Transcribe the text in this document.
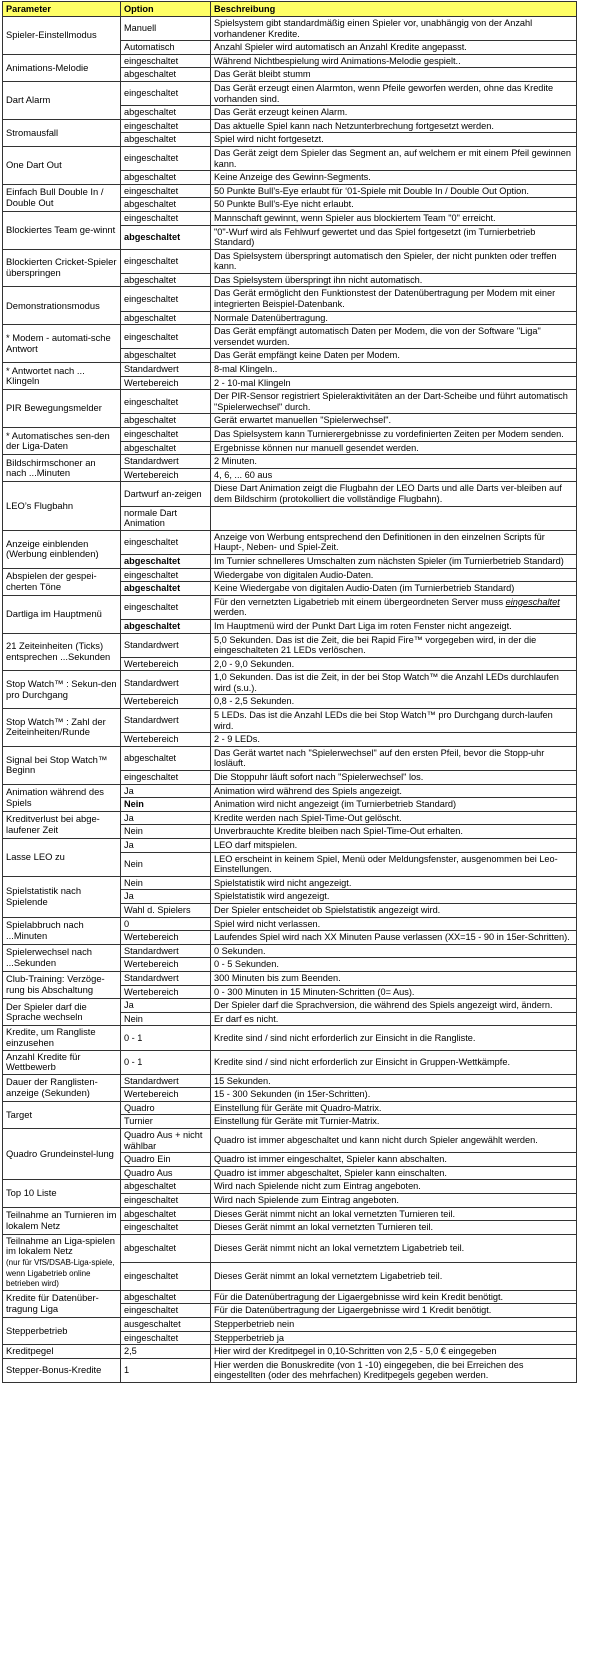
Parameter	Option	Beschreibung
Spieler-Einstellmodus	Manuell	Spielsystem gibt standardmäßig einen Spieler vor, unabhängig von der Anzahl vorhandener Kredite.
	Automatisch	Anzahl Spieler wird automatisch an Anzahl Kredite angepasst.
Animations-Melodie	eingeschaltet	Während Nichtbespielung wird Animations-Melodie gespielt..
	abgeschaltet	Das Gerät bleibt stumm
Dart Alarm	eingeschaltet	Das Gerät erzeugt einen Alarmton, wenn Pfeile geworfen werden, ohne das Kredite vorhanden sind.
	abgeschaltet	Das Gerät erzeugt keinen Alarm.
Stromausfall	eingeschaltet	Das aktuelle Spiel kann nach Netzunterbrechung fortgesetzt werden.
	abgeschaltet	Spiel wird nicht fortgesetzt.
One Dart Out	eingeschaltet	Das Gerät zeigt dem Spieler das Segment an, auf welchem er mit einem Pfeil gewinnen kann.
	abgeschaltet	Keine Anzeige des Gewinn-Segments.
Einfach Bull Double In / Double Out	eingeschaltet	50 Punkte Bull’s-Eye erlaubt für ‘01-Spiele mit Double In / Double Out Option.
	abgeschaltet	50 Punkte Bull’s-Eye nicht erlaubt.
Blockiertes Team ge-winnt	eingeschaltet	Mannschaft gewinnt, wenn Spieler aus blockiertem Team "0" erreicht.
	abgeschaltet	"0"-Wurf wird als Fehlwurf gewertet und das Spiel fortgesetzt (im Turnierbetrieb Standard)
Blockierten Cricket-Spieler überspringen	eingeschaltet	Das Spielsystem überspringt automatisch den Spieler, der nicht punkten oder treffen kann.
	abgeschaltet	Das Spielsystem überspringt ihn nicht automatisch.
Demonstrationsmodus	eingeschaltet	Das Gerät ermöglicht den Funktionstest der Datenübertragung per Modem mit einer integrierten Beispiel-Datenbank.
	abgeschaltet	Normale Datenübertragung.
* Modem - automati-sche Antwort	eingeschaltet	Das Gerät empfängt automatisch Daten per Modem, die von der Software "Liga" versendet wurden.
	abgeschaltet	Das Gerät empfängt keine Daten per Modem.
* Antwortet nach ... Klingeln	Standardwert	8-mal Klingeln..
	Wertebereich	2 - 10-mal Klingeln
PIR Bewegungsmelder	eingeschaltet	Der PIR-Sensor registriert Spieleraktivitäten an der Dart-Scheibe und führt automatisch "Spielerwechsel" durch.
	abgeschaltet	Gerät erwartet manuellen "Spielerwechsel".
* Automatisches sen-den der Liga-Daten	eingeschaltet	Das Spielsystem kann Turnierergebnisse zu vordefinierten Zeiten per Modem senden.
	abgeschaltet	Ergebnisse können nur manuell gesendet werden.
Bildschirmschoner an nach ...Minuten	Standardwert	2 Minuten.
	Wertebereich	4, 6, ... 60 aus
LEO’s Flugbahn	Dartwurf an-zeigen	Diese Dart Animation zeigt die Flugbahn der LEO Darts und alle Darts ver-bleiben auf dem Bildschirm (protokolliert die vollständige Flugbahn).
	normale Dart Animation	
Anzeige einblenden (Werbung einblenden)	eingeschaltet	Anzeige von Werbung entsprechend den Definitionen in den einzelnen Scripts für Haupt-, Neben- und Spiel-Zeit.
	abgeschaltet	Im Turnier schnelleres Umschalten zum nächsten Spieler (im Turnierbetrieb Standard)
Abspielen der gespei-cherten Töne	eingeschaltet	Wiedergabe von digitalen Audio-Daten.
	abgeschaltet	Keine Wiedergabe von digitalen Audio-Daten (im Turnierbetrieb Standard)
Dartliga im Hauptmenü	eingeschaltet	Für den vernetzten Ligabetrieb mit einem übergeordneten Server muss eingeschaltet werden.
	abgeschaltet	Im Hauptmenü wird der Punkt Dart Liga im roten Fenster nicht angezeigt.
21 Zeiteinheiten (Ticks) entsprechen ...Sekunden	Standardwert	5,0 Sekunden. Das ist die Zeit, die bei Rapid Fire™ vorgegeben wird, in der die eingeschalteten 21 LEDs verlöschen.
	Wertebereich	2,0 - 9,0 Sekunden.
Stop Watch™ : Sekun-den pro Durchgang	Standardwert	1,0 Sekunden. Das ist die Zeit, in der bei Stop Watch™ die Anzahl LEDs durchlaufen wird (s.u.).
	Wertebereich	0,8 - 2,5 Sekunden.
Stop Watch™ : Zahl der Zeiteinheiten/Runde	Standardwert	5 LEDs. Das ist die Anzahl LEDs die bei Stop Watch™ pro Durchgang durch-laufen wird.
	Wertebereich	2 - 9 LEDs.
Signal bei Stop Watch™ Beginn	abgeschaltet	Das Gerät wartet nach "Spielerwechsel" auf den ersten Pfeil, bevor die Stopp-uhr losläuft.
	eingeschaltet	Die Stoppuhr läuft sofort nach "Spielerwechsel" los.
Animation während des Spiels	Ja	Animation wird während des Spiels angezeigt.
	Nein	Animation wird nicht angezeigt (im Turnierbetrieb Standard)
Kreditverlust bei abge-laufener Zeit	Ja	Kredite werden nach Spiel-Time-Out gelöscht.
	Nein	Unverbrauchte Kredite bleiben nach Spiel-Time-Out erhalten.
Lasse LEO zu	Ja	LEO darf mitspielen.
	Nein	LEO erscheint in keinem Spiel, Menü oder Meldungsfenster, ausgenommen bei Leo-Einstellungen.
Spielstatistik nach Spielende	Nein	Spielstatistik wird nicht angezeigt.
	Ja	Spielstatistik wird angezeigt.
	Wahl d. Spielers	Der Spieler entscheidet ob Spielstatistik angezeigt wird.
Spielabbruch nach ...Minuten	0	Spiel wird nicht verlassen.
	Wertebereich	Laufendes Spiel wird nach XX Minuten Pause verlassen (XX=15 - 90 in 15er-Schritten).
Spielerwechsel nach ...Sekunden	Standardwert	0 Sekunden.
	Wertebereich	0 - 5 Sekunden.
Club-Training: Verzöge-rung bis Abschaltung	Standardwert	300 Minuten bis zum Beenden.
	Wertebereich	0 - 300 Minuten in 15 Minuten-Schritten (0= Aus).
Der Spieler darf die Sprache wechseln	Ja	Der Spieler darf die Sprachversion, die während des Spiels angezeigt wird, ändern.
	Nein	Er darf es nicht.
Kredite, um Rangliste einzusehen	0 - 1	Kredite sind / sind nicht erforderlich zur Einsicht in die Rangliste.
Anzahl Kredite für Wettbewerb	0 - 1	Kredite sind / sind nicht erforderlich zur Einsicht in Gruppen-Wettkämpfe.
Dauer der Ranglisten-anzeige (Sekunden)	Standardwert	15 Sekunden.
	Wertebereich	15 - 300 Sekunden (in 15er-Schritten).
Target	Quadro	Einstellung für Geräte mit Quadro-Matrix.
	Turnier	Einstellung für Geräte mit Turnier-Matrix.
Quadro Grundeinstel-lung	Quadro Aus + nicht wählbar	Quadro ist immer abgeschaltet und kann nicht durch Spieler angewählt werden.
	Quadro Ein	Quadro ist immer eingeschaltet, Spieler kann abschalten.
	Quadro Aus	Quadro ist immer abgeschaltet, Spieler kann einschalten.
Top 10 Liste	abgeschaltet	Wird nach Spielende nicht zum Eintrag angeboten.
	eingeschaltet	Wird nach Spielende zum Eintrag angeboten.
Teilnahme an Turnieren im lokalem Netz	abgeschaltet	Dieses Gerät nimmt nicht an lokal vernetzten Turnieren teil.
	eingeschaltet	Dieses Gerät nimmt an lokal vernetzten Turnieren teil.
Teilnahme an Liga-spielen im lokalem Netz
(nur für VfS/DSAB-Liga-spiele, wenn Ligabetrieb online betrieben wird)	abgeschaltet	Dieses Gerät nimmt nicht an lokal vernetztem Ligabetrieb teil.
	eingeschaltet	Dieses Gerät nimmt an lokal vernetztem Ligabetrieb teil.
Kredite für Datenüber-tragung Liga	abgeschaltet	Für die Datenübertragung der Ligaergebnisse wird kein Kredit benötigt.
	eingeschaltet	Für die Datenübertragung der Ligaergebnisse wird 1 Kredit benötigt.
Stepperbetrieb	ausgeschaltet	Stepperbetrieb nein
	eingeschaltet	Stepperbetrieb ja
Kreditpegel	2,5	Hier wird der Kreditpegel in 0,10-Schritten von 2,5 - 5,0 € eingegeben
Stepper-Bonus-Kredite	1	Hier werden die Bonuskredite (von 1 -10) eingegeben, die bei Erreichen des eingestellten (oder des mehrfachen) Kreditpegels gegeben werden.
